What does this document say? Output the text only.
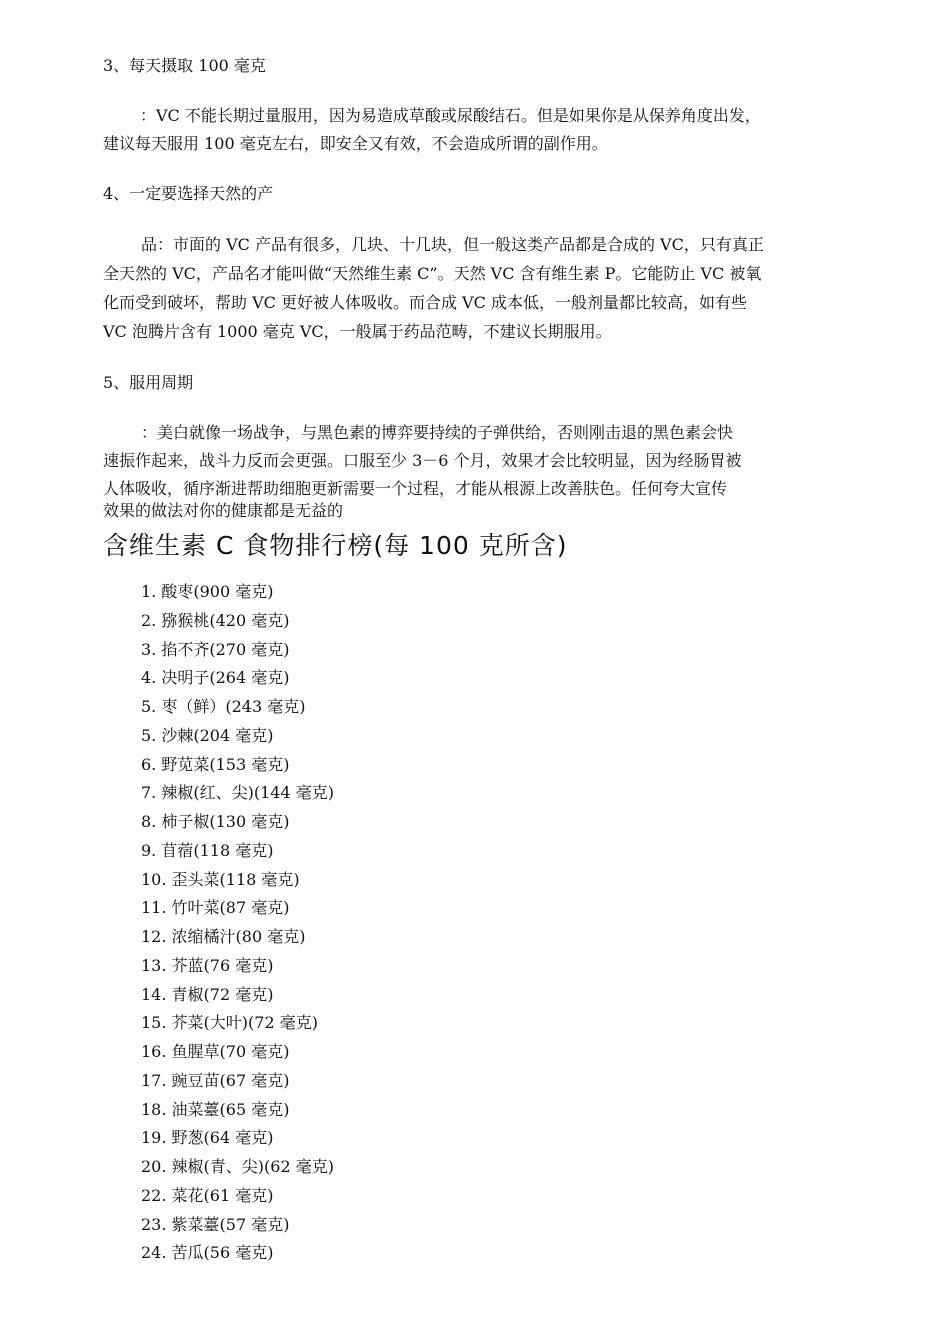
3、每天摄取 100 毫克
：VC 不能长期过量服用，因为易造成草酸或尿酸结石。但是如果你是从保养角度出发，
建议每天服用 100 毫克左右，即安全又有效，不会造成所谓的副作用。
4、一定要选择天然的产
品：市面的 VC 产品有很多，几块、十几块，但一般这类产品都是合成的 VC，只有真正
全天然的 VC，产品名才能叫做“天然维生素 C”。天然 VC 含有维生素 P。它能防止 VC 被氧
化而受到破坏，帮助 VC 更好被人体吸收。而合成 VC 成本低，一般剂量都比较高，如有些
VC 泡腾片含有 1000 毫克 VC，一般属于药品范畴，不建议长期服用。
5、服用周期
：美白就像一场战争，与黑色素的博弈要持续的子弹供给，否则刚击退的黑色素会快
速振作起来，战斗力反而会更强。口服至少 3－6 个月，效果才会比较明显，因为经肠胃被
人体吸收，循序渐进帮助细胞更新需要一个过程，才能从根源上改善肤色。任何夸大宣传
效果的做法对你的健康都是无益的
含维生素 C 食物排行榜(每 100 克所含)
1. 酸枣(900 毫克)
2. 猕猴桃(420 毫克)
3. 掐不齐(270 毫克)
4. 决明子(264 毫克)
5. 枣（鲜）(243 毫克)
5. 沙棘(204 毫克)
6. 野苋菜(153 毫克)
7. 辣椒(红、尖)(144 毫克)
8. 柿子椒(130 毫克)
9. 苜蓿(118 毫克)
10. 歪头菜(118 毫克)
11. 竹叶菜(87 毫克)
12. 浓缩橘汁(80 毫克)
13. 芥蓝(76 毫克)
14. 青椒(72 毫克)
15. 芥菜(大叶)(72 毫克)
16. 鱼腥草(70 毫克)
17. 豌豆苗(67 毫克)
18. 油菜薹(65 毫克)
19. 野葱(64 毫克)
20. 辣椒(青、尖)(62 毫克)
22. 菜花(61 毫克)
23. 紫菜薹(57 毫克)
24. 苦瓜(56 毫克)
